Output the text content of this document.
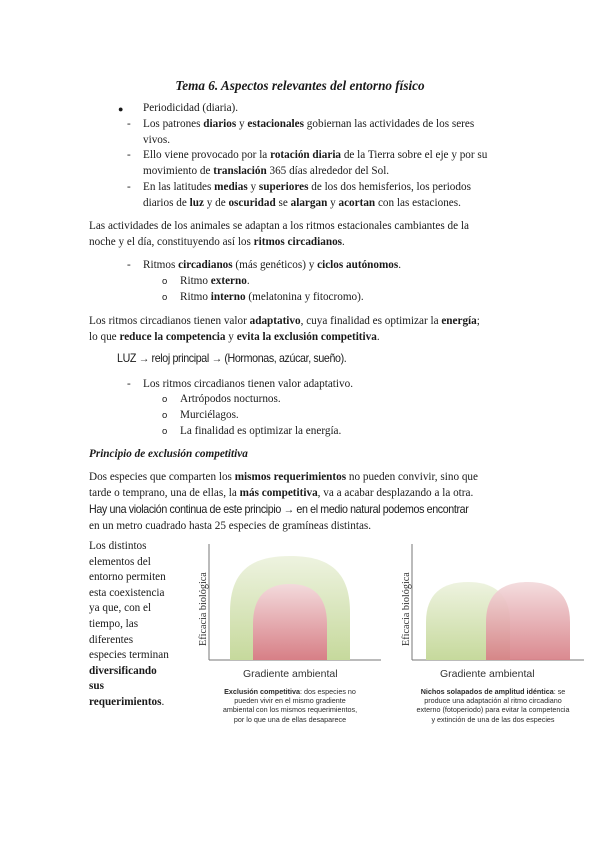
Tema 6. Aspectos relevantes del entorno físico
● Periodicidad (diaria).
- Los patrones diarios y estacionales gobiernan las actividades de los seres
vivos.
- Ello viene provocado por la rotación diaria de la Tierra sobre el eje y por su
movimiento de translación 365 días alrededor del Sol.
- En las latitudes medias y superiores de los dos hemisferios, los periodos
diarios de luz y de oscuridad se alargan y acortan con las estaciones.
Las actividades de los animales se adaptan a los ritmos estacionales cambiantes de la
noche y el día, constituyendo así los ritmos circadianos.
- Ritmos circadianos (más genéticos) y ciclos autónomos.
o Ritmo externo.
o Ritmo interno (melatonina y fitocromo).
Los ritmos circadianos tienen valor adaptativo, cuya finalidad es optimizar la energía;
lo que reduce la competencia y evita la exclusión competitiva.
LUZ → reloj principal → (Hormonas, azúcar, sueño).
- Los ritmos circadianos tienen valor adaptativo.
o Artrópodos nocturnos.
o Murciélagos.
o La finalidad es optimizar la energía.
Principio de exclusión competitiva
Dos especies que comparten los mismos requerimientos no pueden convivir, sino que
tarde o temprano, una de ellas, la más competitiva, va a acabar desplazando a la otra.
Hay una violación continua de este principio → en el medio natural podemos encontrar
en un metro cuadrado hasta 25 especies de gramíneas distintas.
Los distintos
elementos del
entorno permiten
esta coexistencia
ya que, con el
tiempo, las
diferentes
especies terminan
diversificando
sus
requerimientos.
Eficacia biológica
Gradiente ambiental
Exclusión competitiva: dos especies no
pueden vivir en el mismo gradiente
ambiental con los mismos requerimientos,
por lo que una de ellas desaparece
Eficacia biológica
Gradiente ambiental
Nichos solapados de amplitud idéntica: se
produce una adaptación al ritmo circadiano
externo (fotoperiodo) para evitar la competencia
y extinción de una de las dos especies
